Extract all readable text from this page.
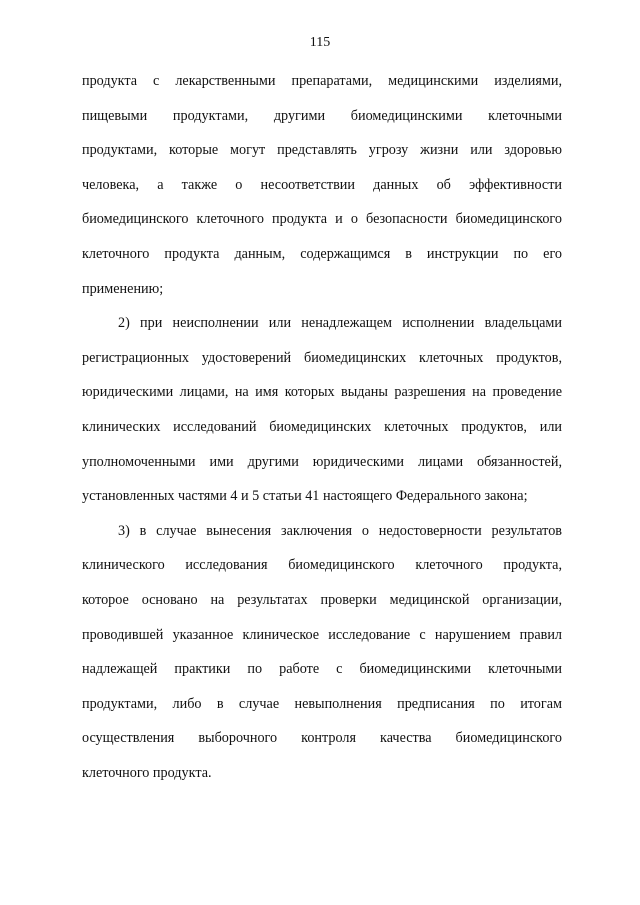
115
продукта с лекарственными препаратами, медицинскими изделиями,
пищевыми продуктами, другими биомедицинскими клеточными
продуктами, которые могут представлять угрозу жизни или здоровью
человека, а также о несоответствии данных об эффективности
биомедицинского клеточного продукта и о безопасности биомедицинского
клеточного продукта данным, содержащимся в инструкции по его
применению;
2) при неисполнении или ненадлежащем исполнении владельцами
регистрационных удостоверений биомедицинских клеточных продуктов,
юридическими лицами, на имя которых выданы разрешения на проведение
клинических исследований биомедицинских клеточных продуктов, или
уполномоченными ими другими юридическими лицами обязанностей,
установленных частями 4 и 5 статьи 41 настоящего Федерального закона;
3) в случае вынесения заключения о недостоверности результатов
клинического исследования биомедицинского клеточного продукта,
которое основано на результатах проверки медицинской организации,
проводившей указанное клиническое исследование с нарушением правил
надлежащей практики по работе с биомедицинскими клеточными
продуктами, либо в случае невыполнения предписания по итогам
осуществления выборочного контроля качества биомедицинского
клеточного продукта.
